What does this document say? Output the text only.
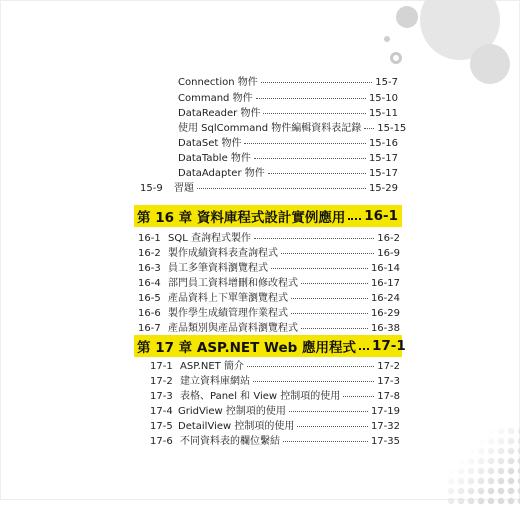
Connection 物件	15-7
Command 物件	15-10
DataReader 物件	15-11
使用 SqlCommand 物件編輯資料表記錄 15-15
DataSet 物件	15-16
DataTable 物件	15-17
DataAdapter 物件	15-17
15-9	習題	15-29
第 16 章 資料庫程式設計實例應用 16-1
16-1 SQL 查詢程式製作	16-2
16-2 製作成績資料表查詢程式	16-9
16-3 員工多筆資料瀏覽程式	16-14
16-4 部門員工資料增刪和修改程式	16-17
16-5 產品資料上下單筆瀏覽程式	16-24
16-6 製作學生成績管理作業程式	16-29
16-7 產品類別與產品資料瀏覽程式	16-38
第 17 章 ASP.NET Web 應用程式 17-1
17-1 ASP.NET 簡介	17-2
17-2 建立資料庫網站	17-3
17-3 表格、Panel 和 View 控制項的使用	17-8
17-4 GridView 控制項的使用	17-19
17-5 DetailView 控制項的使用	17-32
17-6 不同資料表的欄位繫結	17-35
